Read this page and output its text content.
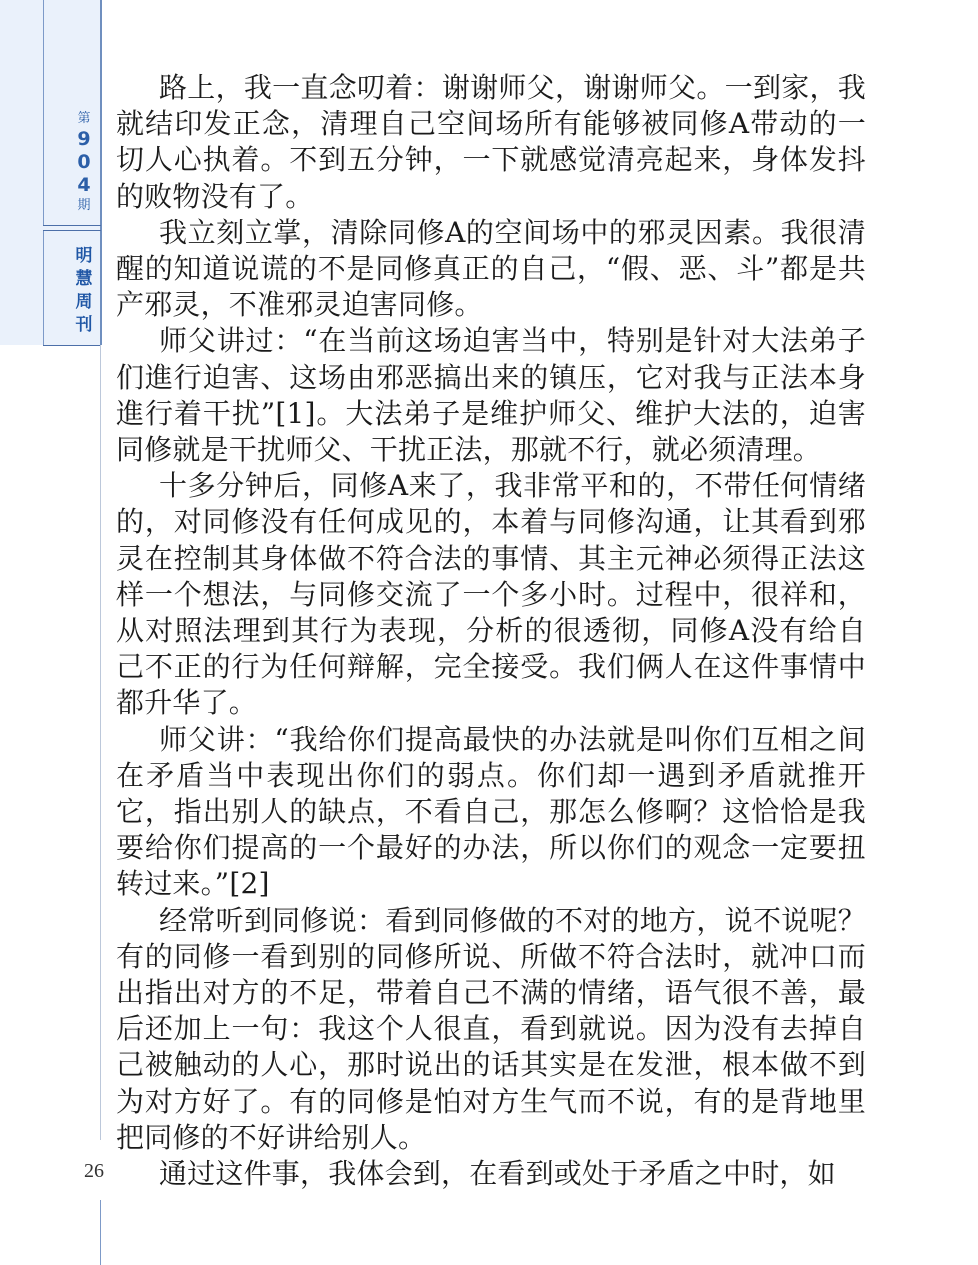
第
9
0
4
期
明
慧
周
刊
26

路上，我一直念叨着：谢谢师父，谢谢师父。一到家，我就结印发正念，清理自己空间场所有能够被同修A带动的一切人心执着。不到五分钟，一下就感觉清亮起来，身体发抖的败物没有了。

我立刻立掌，清除同修A的空间场中的邪灵因素。我很清醒的知道说谎的不是同修真正的自己，“假、恶、斗”都是共产邪灵，不准邪灵迫害同修。

师父讲过：“在当前这场迫害当中，特别是针对大法弟子们進行迫害、这场由邪恶搞出来的镇压，它对我与正法本身進行着干扰”[1]。大法弟子是维护师父、维护大法的，迫害同修就是干扰师父、干扰正法，那就不行，就必须清理。

十多分钟后，同修A来了，我非常平和的，不带任何情绪的，对同修没有任何成见的，本着与同修沟通，让其看到邪灵在控制其身体做不符合法的事情、其主元神必须得正法这样一个想法，与同修交流了一个多小时。过程中，很祥和，从对照法理到其行为表现，分析的很透彻，同修A没有给自己不正的行为任何辩解，完全接受。我们俩人在这件事情中都升华了。

师父讲：“我给你们提高最快的办法就是叫你们互相之间在矛盾当中表现出你们的弱点。你们却一遇到矛盾就推开它，指出别人的缺点，不看自己，那怎么修啊？这恰恰是我要给你们提高的一个最好的办法，所以你们的观念一定要扭转过来。”[2]

经常听到同修说：看到同修做的不对的地方，说不说呢？有的同修一看到别的同修所说、所做不符合法时，就冲口而出指出对方的不足，带着自己不满的情绪，语气很不善，最后还加上一句：我这个人很直，看到就说。因为没有去掉自己被触动的人心，那时说出的话其实是在发泄，根本做不到为对方好了。有的同修是怕对方生气而不说，有的是背地里把同修的不好讲给别人。

通过这件事，我体会到，在看到或处于矛盾之中时，如
